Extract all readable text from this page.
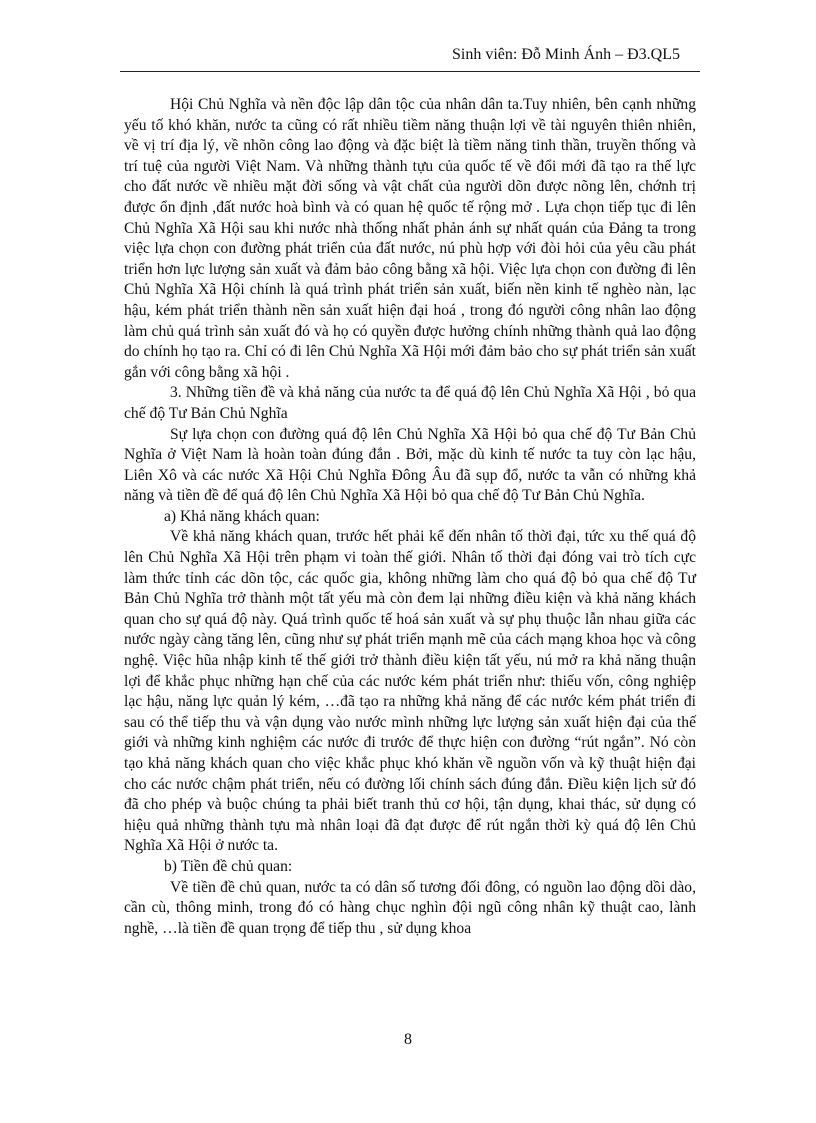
Sinh viên: Đỗ Minh Ánh – Đ3.QL5

Hội Chủ Nghĩa và nền độc lập dân tộc của nhân dân ta.Tuy nhiên, bên cạnh những yếu tố khó khăn, nước ta cũng có rất nhiều tiềm năng thuận lợi về tài nguyên thiên nhiên, về vị trí địa lý, về nhõn công lao động và đặc biệt là tiềm năng tinh thần, truyền thống và trí tuệ của người Việt Nam. Và những thành tựu của quốc tế về đổi mới đã tạo ra thế lực cho đất nước về nhiều mặt đời sống và vật chất của người dõn được nõng lên, chớnh trị được ổn định ,đất nước hoà bình và có quan hệ quốc tế rộng mở . Lựa chọn tiếp tục đi lên Chủ Nghĩa Xã Hội sau khi nước nhà thống nhất phản ánh sự nhất quán của Đảng ta trong việc lựa chọn con đường phát triển của đất nước, nú phù hợp với đòi hỏi của yêu cầu phát triển hơn lực lượng sản xuất và đảm bảo công bằng xã hội. Việc lựa chọn con đường đi lên Chủ Nghĩa Xã Hội chính là quá trình phát triển sản xuất, biến nền kinh tế nghèo nàn, lạc hậu, kém phát triển thành nền sản xuất hiện đại hoá , trong đó người công nhân lao động làm chủ quá trình sản xuất đó và họ có quyền được hưởng chính những thành quả lao động do chính họ tạo ra. Chỉ có đi lên Chủ Nghĩa Xã Hội mới đảm bảo cho sự phát triển sản xuất gắn với công bằng xã hội .

3. Những tiền đề và khả năng của nước ta để quá độ lên Chủ Nghĩa Xã Hội , bỏ qua chế độ Tư Bản Chủ Nghĩa

Sự lựa chọn con đường quá độ lên Chủ Nghĩa Xã Hội bỏ qua chế độ Tư Bản Chủ Nghĩa ở Việt Nam là hoàn toàn đúng đắn . Bởi, mặc dù kinh tế nước ta tuy còn lạc hậu, Liên Xô và các nước Xã Hội Chủ Nghĩa Đông Âu đã sụp đổ, nước ta vẫn có những khả năng và tiền đề để quá độ lên Chủ Nghĩa Xã Hội bỏ qua chế độ Tư Bản Chủ Nghĩa.

a) Khả năng khách quan:

Về khả năng khách quan, trước hết phải kể đến nhân tố thời đại, tức xu thế quá độ lên Chủ Nghĩa Xã Hội trên phạm vi toàn thế giới. Nhân tố thời đại đóng vai trò tích cực làm thức tỉnh các dõn tộc, các quốc gia, không những làm cho quá độ bỏ qua chế độ Tư Bản Chủ Nghĩa trở thành một tất yếu mà còn đem lại những điều kiện và khả năng khách quan cho sự quá độ này. Quá trình quốc tế hoá sản xuất và sự phụ thuộc lẫn nhau giữa các nước ngày càng tăng lên, cũng như sự phát triển mạnh mẽ của cách mạng khoa học và công nghệ. Việc hũa nhập kinh tế thế giới trở thành điều kiện tất yếu, nú mở ra khả năng thuận lợi để khắc phục những hạn chế của các nước kém phát triển như: thiếu vốn, công nghiệp lạc hậu, năng lực quản lý kém, …đã tạo ra những khả năng để các nước kém phát triển đi sau có thể tiếp thu và vận dụng vào nước mình những lực lượng sản xuất hiện đại của thế giới và những kinh nghiệm các nước đi trước để thực hiện con đường “rút ngắn”. Nó còn tạo khả năng khách quan cho việc khắc phục khó khăn về nguồn vốn và kỹ thuật hiện đại cho các nước chậm phát triển, nếu có đường lối chính sách đúng đắn. Điều kiện lịch sử đó đã cho phép và buộc chúng ta phải biết tranh thủ cơ hội, tận dụng, khai thác, sử dụng có hiệu quả những thành tựu mà nhân loại đã đạt được để rút ngắn thời kỳ quá độ lên Chủ Nghĩa Xã Hội ở nước ta.

b) Tiền đề chủ quan:

Về tiền đề chủ quan, nước ta có dân số tương đối đông, có nguồn lao động dồi dào, cần cù, thông minh, trong đó có hàng chục nghìn đội ngũ công nhân kỹ thuật cao, lành nghề, …là tiền đề quan trọng để tiếp thu , sử dụng khoa

8
